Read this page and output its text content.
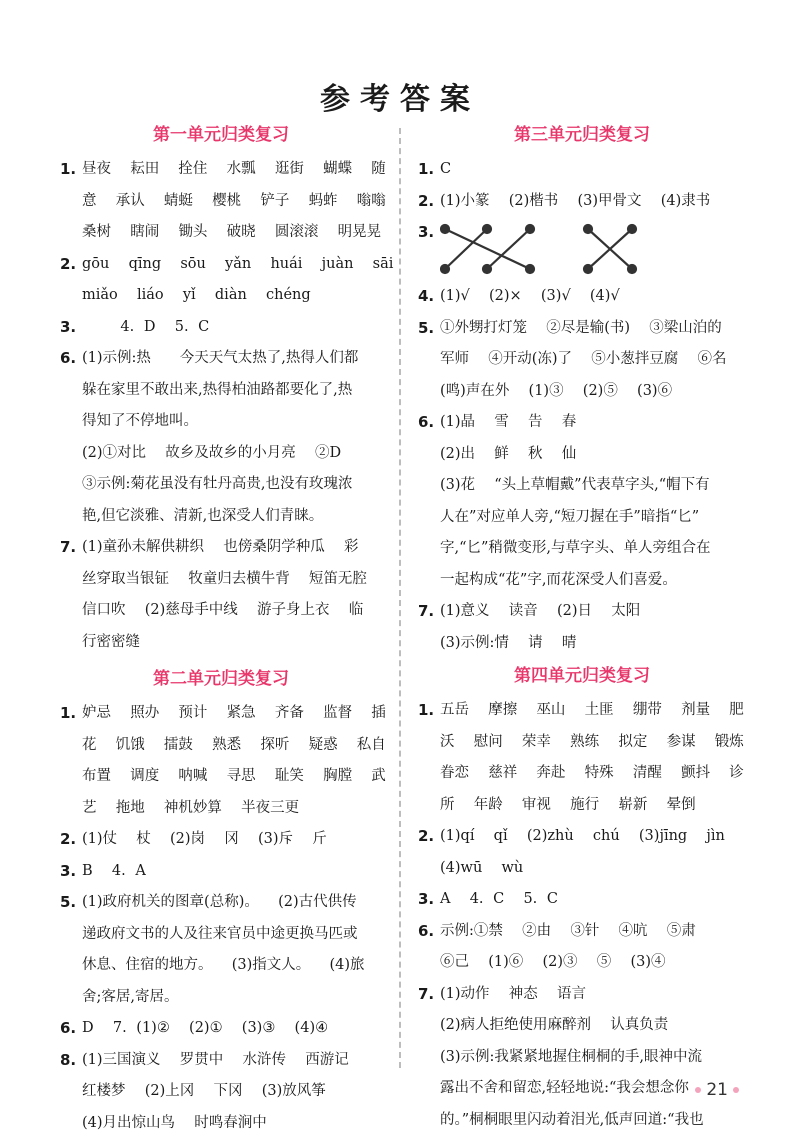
参考答案
第一单元归类复习
1. 昼夜  耘田  拴住  水瓢  逛街  蝴蝶  随
意  承认  蜻蜓  樱桃  铲子  蚂蚱  嗡嗡
桑树  瞎闹  锄头  破晓  圆滚滚  明晃晃
2. gōu  qīng  sōu  yǎn  huái  juàn  sāi
miǎo  liáo  yǐ  diàn  chéng
3. 4. D  5. C
6. (1)示例:热   今天天气太热了,热得人们都
躲在家里不敢出来,热得柏油路都要化了,热
得知了不停地叫。
(2)①对比  故乡及故乡的小月亮  ②D
③示例:菊花虽没有牡丹高贵,也没有玫瑰浓
艳,但它淡雅、清新,也深受人们青睐。
7. (1)童孙未解供耕织  也傍桑阴学种瓜  彩
丝穿取当银钲  牧童归去横牛背  短笛无腔
信口吹  (2)慈母手中线  游子身上衣  临
行密密缝
第二单元归类复习
1. 妒忌  照办  预计  紧急  齐备  监督  插
花  饥饿  擂鼓  熟悉  探听  疑惑  私自
布置  调度  呐喊  寻思  耻笑  胸膛  武
艺  拖地  神机妙算  半夜三更
2. (1)仗  杖  (2)岗  冈  (3)斥  斤
3. B  4. A
5. (1)政府机关的图章(总称)。  (2)古代供传
递政府文书的人及往来官员中途更换马匹或
休息、住宿的地方。  (3)指文人。  (4)旅
舍;客居,寄居。
6. D  7. (1)②  (2)①  (3)③  (4)④
8. (1)三国演义  罗贯中  水浒传  西游记
红楼梦  (2)上冈  下冈  (3)放风筝
(4)月出惊山鸟  时鸣春涧中
第三单元归类复习
1. C
2. (1)小篆  (2)楷书  (3)甲骨文  (4)隶书
3.
4. (1)√  (2)×  (3)√  (4)√
5. ①外甥打灯笼  ②尽是输(书)  ③梁山泊的
军师  ④开动(冻)了  ⑤小葱拌豆腐  ⑥名
(鸣)声在外  (1)③  (2)⑤  (3)⑥
6. (1)晶  雪  告  春
(2)出  鲜  秋  仙
(3)花  “头上草帽戴”代表草字头,“帽下有
人在”对应单人旁,“短刀握在手”暗指“匕”
字,“匕”稍微变形,与草字头、单人旁组合在
一起构成“花”字,而花深受人们喜爱。
7. (1)意义  读音  (2)日  太阳
(3)示例:情  请  晴
第四单元归类复习
1. 五岳  摩擦  巫山  土匪  绷带  剂量  肥
沃  慰问  荣幸  熟练  拟定  参谋  锻炼
眷恋  慈祥  奔赴  特殊  清醒  颤抖  诊
所  年龄  审视  施行  崭新  晕倒
2. (1)qí  qǐ  (2)zhù  chú  (3)jīng  jìn
(4)wū  wù
3. A  4. C  5. C
6. 示例:①禁  ②由  ③针  ④吭  ⑤肃
⑥己  (1)⑥  (2)③  ⑤  (3)④
7. (1)动作  神态  语言
(2)病人拒绝使用麻醉剂  认真负责
(3)示例:我紧紧地握住桐桐的手,眼神中流
露出不舍和留恋,轻轻地说:“我会想念你
的。”桐桐眼里闪动着泪光,低声回道:“我也
21
